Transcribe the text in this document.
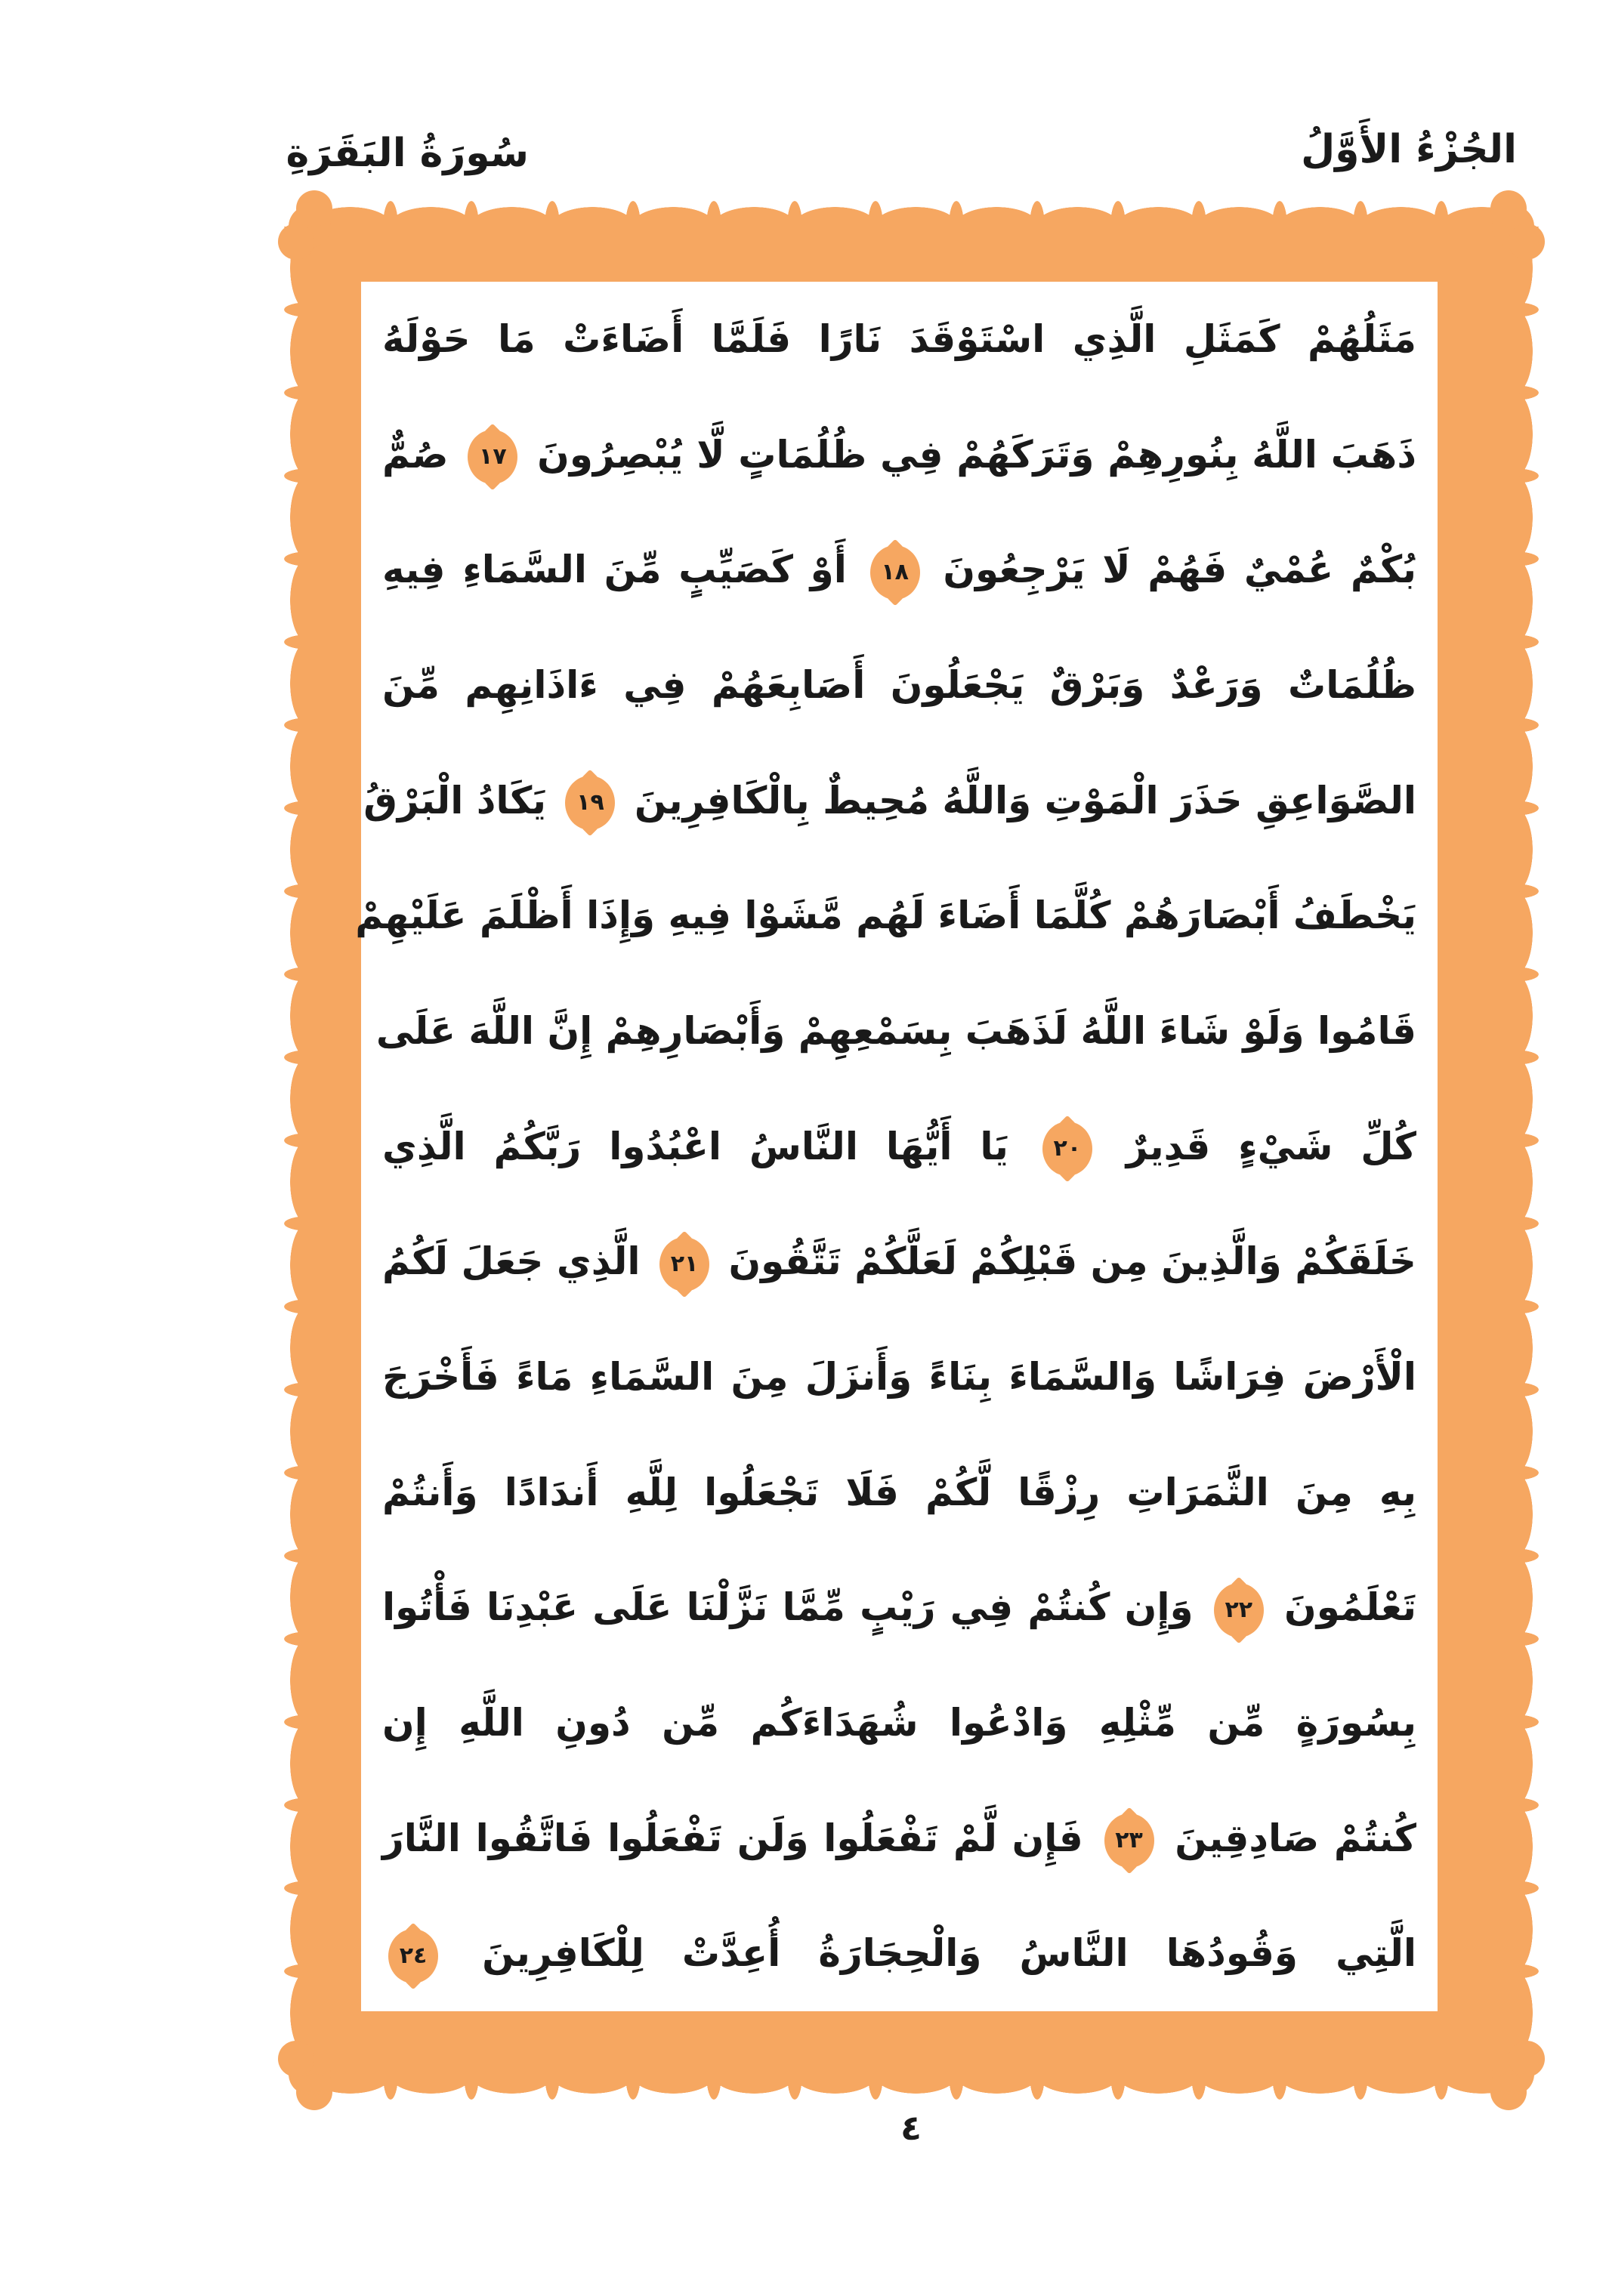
سُورَةُ البَقَرَةِ	الجُزْءُ الأَوَّلُ
مَثَلُهُمْ كَمَثَلِ الَّذِي اسْتَوْقَدَ نَارًا فَلَمَّا أَضَاءَتْ مَا حَوْلَهُ
ذَهَبَ اللَّهُ بِنُورِهِمْ وَتَرَكَهُمْ فِي ظُلُمَاتٍ لَّا يُبْصِرُونَ
١٧
صُمٌّ
بُكْمٌ عُمْيٌ فَهُمْ لَا يَرْجِعُونَ
١٨
أَوْ كَصَيِّبٍ مِّنَ السَّمَاءِ فِيهِ
ظُلُمَاتٌ وَرَعْدٌ وَبَرْقٌ يَجْعَلُونَ أَصَابِعَهُمْ فِي ءَاذَانِهِم مِّنَ
الصَّوَاعِقِ حَذَرَ الْمَوْتِ وَاللَّهُ مُحِيطٌ بِالْكَافِرِينَ
١٩
يَكَادُ الْبَرْقُ
يَخْطَفُ أَبْصَارَهُمْ كُلَّمَا أَضَاءَ لَهُم مَّشَوْا فِيهِ وَإِذَا أَظْلَمَ عَلَيْهِمْ
قَامُوا وَلَوْ شَاءَ اللَّهُ لَذَهَبَ بِسَمْعِهِمْ وَأَبْصَارِهِمْ إِنَّ اللَّهَ عَلَى
كُلِّ شَيْءٍ قَدِيرٌ
٢٠
يَا أَيُّهَا النَّاسُ اعْبُدُوا رَبَّكُمُ الَّذِي
خَلَقَكُمْ وَالَّذِينَ مِن قَبْلِكُمْ لَعَلَّكُمْ تَتَّقُونَ
٢١
الَّذِي جَعَلَ لَكُمُ
الْأَرْضَ فِرَاشًا وَالسَّمَاءَ بِنَاءً وَأَنزَلَ مِنَ السَّمَاءِ مَاءً فَأَخْرَجَ
بِهِ مِنَ الثَّمَرَاتِ رِزْقًا لَّكُمْ فَلَا تَجْعَلُوا لِلَّهِ أَندَادًا وَأَنتُمْ
تَعْلَمُونَ
٢٢
وَإِن كُنتُمْ فِي رَيْبٍ مِّمَّا نَزَّلْنَا عَلَى عَبْدِنَا فَأْتُوا
بِسُورَةٍ مِّن مِّثْلِهِ وَادْعُوا شُهَدَاءَكُم مِّن دُونِ اللَّهِ إِن
كُنتُمْ صَادِقِينَ
٢٣
فَإِن لَّمْ تَفْعَلُوا وَلَن تَفْعَلُوا فَاتَّقُوا النَّارَ
الَّتِي وَقُودُهَا النَّاسُ وَالْحِجَارَةُ أُعِدَّتْ لِلْكَافِرِينَ
٢٤
٤
